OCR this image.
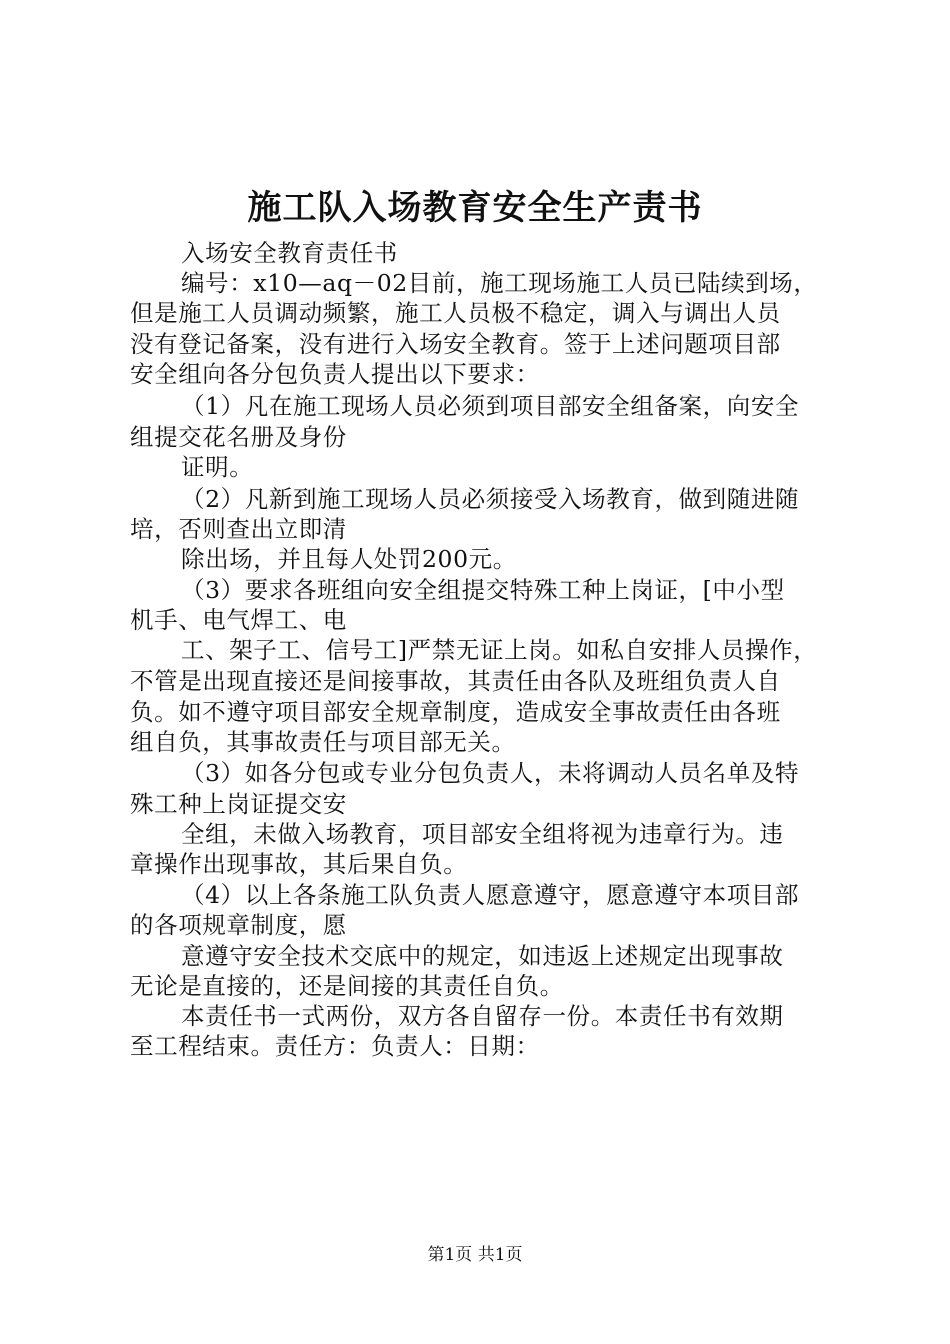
施工队入场教育安全生产责书
入场安全教育责任书
编号：x10—aq－02目前，施工现场施工人员已陆续到场，
但是施工人员调动频繁，施工人员极不稳定，调入与调出人员
没有登记备案，没有进行入场安全教育。签于上述问题项目部
安全组向各分包负责人提出以下要求：
（1）凡在施工现场人员必须到项目部安全组备案，向安全
组提交花名册及身份
证明。
（2）凡新到施工现场人员必须接受入场教育，做到随进随
培，否则查出立即清
除出场，并且每人处罚200元。
（3）要求各班组向安全组提交特殊工种上岗证，[中小型
机手、电气焊工、电
工、架子工、信号工]严禁无证上岗。如私自安排人员操作，
不管是出现直接还是间接事故，其责任由各队及班组负责人自
负。如不遵守项目部安全规章制度，造成安全事故责任由各班
组自负，其事故责任与项目部无关。
（3）如各分包或专业分包负责人，未将调动人员名单及特
殊工种上岗证提交安
全组，未做入场教育，项目部安全组将视为违章行为。违
章操作出现事故，其后果自负。
（4）以上各条施工队负责人愿意遵守，愿意遵守本项目部
的各项规章制度，愿
意遵守安全技术交底中的规定，如违返上述规定出现事故
无论是直接的，还是间接的其责任自负。
本责任书一式两份，双方各自留存一份。本责任书有效期
至工程结束。责任方：负责人：日期：
第1页 共1页
